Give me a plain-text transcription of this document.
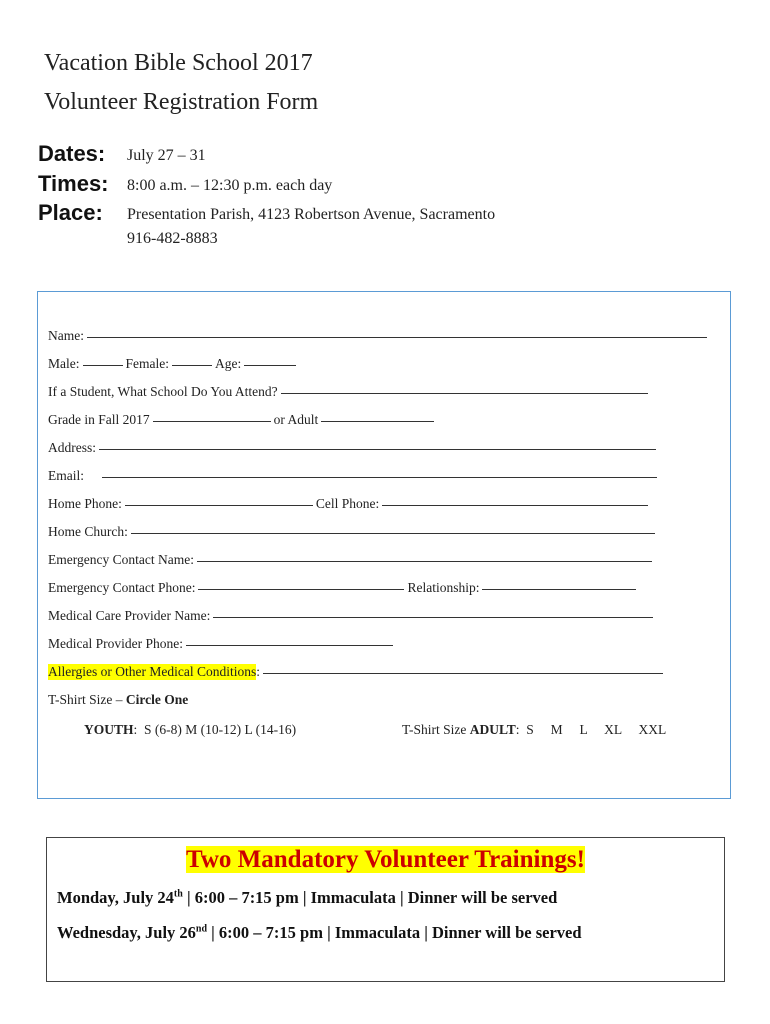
Vacation Bible School 2017
Volunteer Registration Form
Dates: July 27 – 31
Times: 8:00 a.m. – 12:30 p.m. each day
Place: Presentation Parish, 4123 Robertson Avenue, Sacramento
916-482-8883
Name:
Male:	Female:	Age:
If a Student, What School Do You Attend?
Grade in Fall 2017	or Adult
Address:
Email:
Home Phone:	Cell Phone:
Home Church:
Emergency Contact Name:
Emergency Contact Phone:	Relationship:
Medical Care Provider Name:
Medical Provider Phone:
Allergies or Other Medical Conditions :
T-Shirt Size –
Circle One
YOUTH :  S (6-8) M (10-12) L (14-16)	T-Shirt Size
ADULT :  S     M     L     XL     XXL
Two Mandatory Volunteer Trainings!
Monday, July 24th | 6:00 – 7:15 pm | Immaculata | Dinner will be served
Wednesday, July 26nd | 6:00 – 7:15 pm | Immaculata | Dinner will be served
